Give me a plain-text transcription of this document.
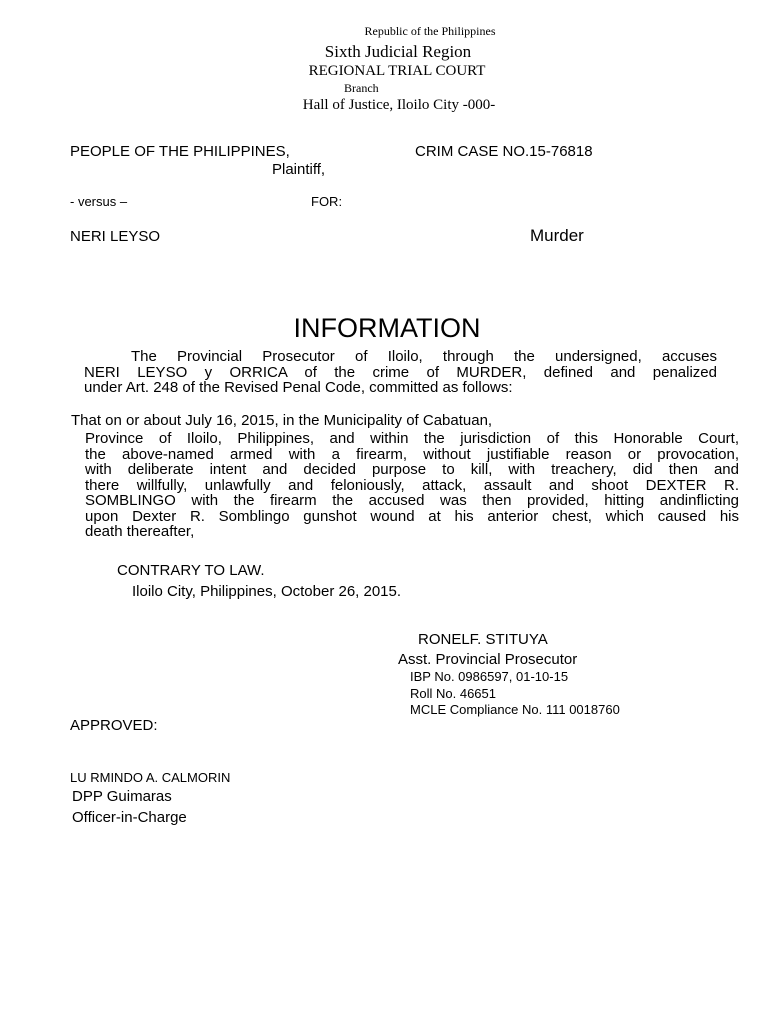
Republic of the Philippines
Sixth Judicial Region
REGIONAL TRIAL COURT
Branch
Hall of Justice, Iloilo City -000-
PEOPLE OF THE PHILIPPINES,
Plaintiff,
CRIM CASE NO.15-76818
- versus –	FOR:
NERI LEYSO	Murder
INFORMATION
The Provincial Prosecutor of Iloilo, through the undersigned, accuses
NERI LEYSO y ORRICA of the crime of MURDER, defined and penalized
under Art. 248 of the Revised Penal Code, committed as follows:
That on or about July 16, 2015, in the Municipality of Cabatuan,
Province of Iloilo, Philippines, and within the jurisdiction of this Honorable Court,
the above-named armed with a firearm, without justifiable reason or provocation,
with deliberate intent and decided purpose to kill, with treachery, did then and
there willfully, unlawfully and feloniously, attack, assault and shoot DEXTER R.
SOMBLINGO with the firearm the accused was then provided, hitting andinflicting
upon Dexter R. Somblingo gunshot wound at his anterior chest, which caused his
death thereafter,
CONTRARY TO LAW.
Iloilo City, Philippines, October 26, 2015.
RONELF. STITUYA
Asst. Provincial Prosecutor
IBP No. 0986597, 01-10-15
Roll No. 46651
MCLE Compliance No. 111 0018760
APPROVED:
LU RMINDO A. CALMORIN
DPP Guimaras
Officer-in-Charge
